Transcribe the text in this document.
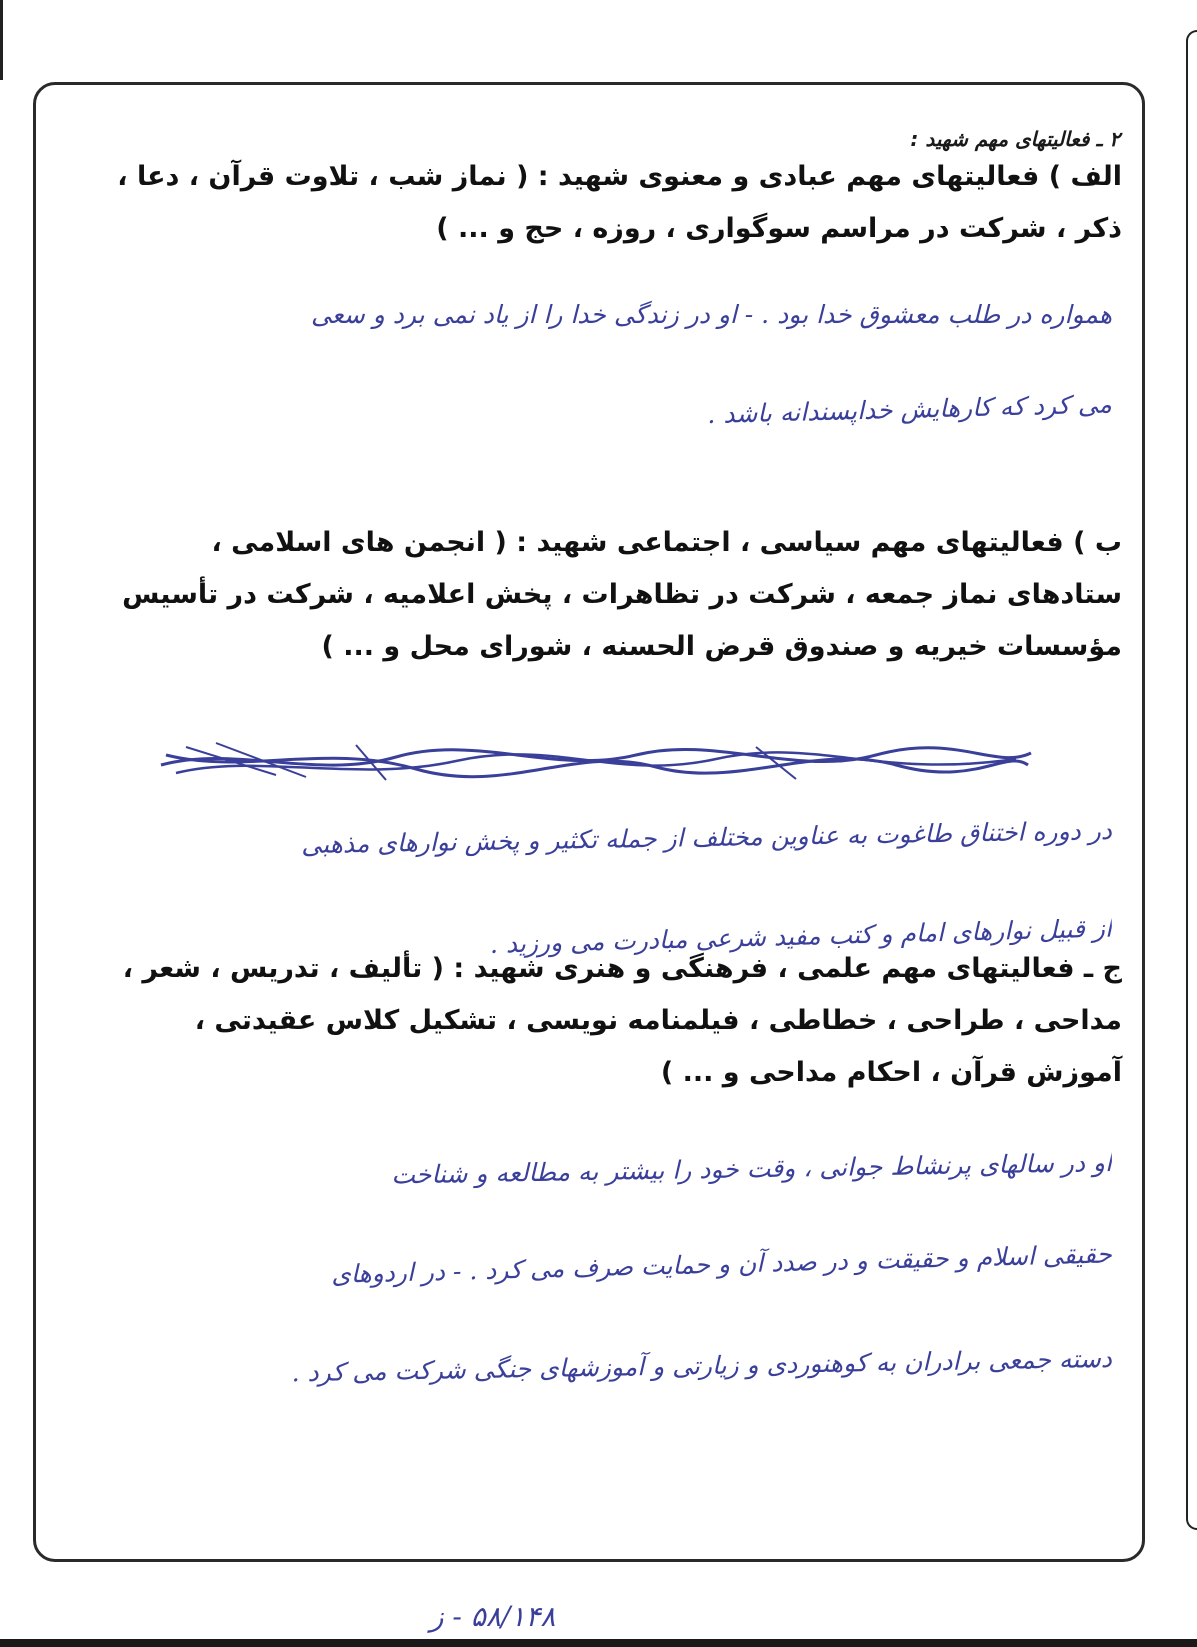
۲ ـ فعالیتهای مهم شهید :

الف ) فعالیتهای مهم عبادی و معنوی شهید : ( نماز شب ، تلاوت قرآن ، دعا ،

ذکر ، شرکت در مراسم سوگواری ، روزه ، حج و ... )

همواره در طلب معشوق خدا بود . - او در زندگی خدا را از یاد نمی برد و سعی
می کرد که کارهایش خداپسندانه باشد .

ب ) فعالیتهای مهم سیاسی ، اجتماعی شهید : ( انجمن های اسلامی ،

ستادهای نماز جمعه ، شرکت در تظاهرات ، پخش اعلامیه ، شرکت در تأسیس

مؤسسات خیریه و صندوق قرض الحسنه ، شورای محل و ... )

در دوره اختناق طاغوت به عناوین مختلف از جمله تکثیر و پخش نوارهای مذهبی
از قبیل نوارهای امام و کتب مفید شرعی مبادرت می ورزید .

ج ـ فعالیتهای مهم علمی ، فرهنگی و هنری شهید : ( تألیف ، تدریس ، شعر ،

مداحی ، طراحی ، خطاطی ، فیلمنامه نویسی ، تشکیل کلاس عقیدتی ،

آموزش قرآن ، احکام مداحی و ... )

او در سالهای پرنشاط جوانی ، وقت خود را بیشتر به مطالعه و شناخت
حقیقی اسلام و حقیقت و در صدد آن و حمایت صرف می کرد . - در اردوهای
دسته جمعی برادران به کوهنوردی و زیارتی و آموزشهای جنگی شرکت می کرد .
۵۸/۱۴۸ - ز
